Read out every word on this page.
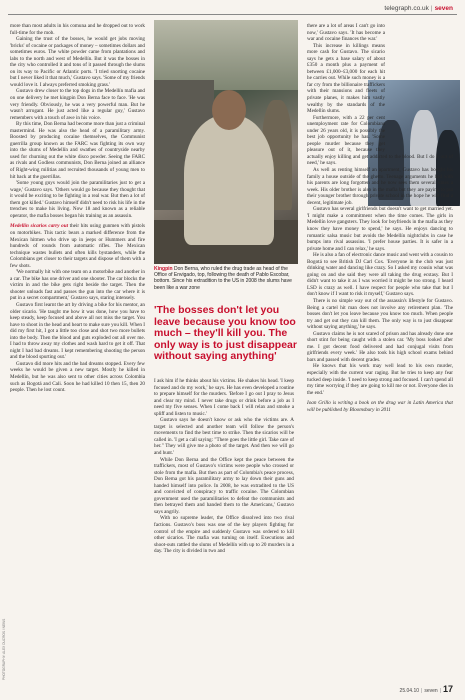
telegraph.co.uk | seven
PHOTOGRAPHY: ALEX DUCROS / NEWS

more than most adults in his comuna and he dropped out to work full-time for the mob.

Gaining the trust of the bosses, he would get jobs moving 'bricks' of cocaine or packages of money – sometimes dollars and sometimes euros. The white powder came from plantations and labs to the north and west of Medellín. But it was the bosses in the city who controlled it and tons of it passed through the slums on its way to Pacific or Atlantic ports. 'I tried snorting cocaine but I never liked it that much,' Gustavo says. 'Some of my friends would love it. I always preferred smoking grass.'

Gustavo drew closer to the top dogs in the Medellín mafia and on one delivery he met kingpin Don Berna face to face. 'He was very friendly. Obviously, he was a very powerful man. But he wasn't arrogant. He just acted like a regular guy,' Gustavo remembers with a touch of awe in his voice.

By this time, Don Berna had become more than just a criminal mastermind. He was also the head of a paramilitary army. Boosted by producing cocaine themselves, the Communist guerrilla group known as the FARC was fighting its own way into the slums of Medellín and swathes of countryside nearby used for churning out the white disco powder. Seeing the FARC as rivals and Godless communists, Don Berna joined an alliance of Right-wing militias and recruited thousands of young men to hit back at the guerrillas.

'Some young guys would join the paramilitaries just to get a wage,' Gustavo says. 'Others would go because they thought that it would be exciting to be fighting in a real war. But then a lot of them got killed.' Gustavo himself didn't need to risk his life in the trenches to make his living. Now 18 and known as a reliable operator, the mafia bosses began his training as an assassin.

Medellín sicarios carry out their hits using gunmen with pistols on motorbikes. This tactic bears a marked difference from the Mexican hitmen who drive up in jeeps or Hummers and fire hundreds of rounds from automatic rifles. The Mexican technique wastes bullets and often kills bystanders, while the Colombians get closer to their targets and dispose of them with a few shots.

'We normally hit with one team on a motorbike and another in a car. The bike has one driver and one shooter. The car blocks the victim in and the bike gets right beside the target. Then the shooter unloads fast and passes the gun into the car where it is put in a secret compartment,' Gustavo says, staring intensely.

Gustavo first learnt the art by driving a bike for his mentor, an older sicario. 'He taught me how it was done, how you have to keep steady, keep focused and above all not miss the target. You have to shoot in the head and heart to make sure you kill. When I did my first hit, I got a little too close and shot two more bullets into the body. Then the blood and guts exploded out all over me. I had to throw away my clothes and wash hard to get it off. That night I had bad dreams. I kept remembering shooting the person and the blood spurting out.'

Gustavo did more hits and the bad dreams stopped. Every few weeks he would be given a new target. Mostly he killed in Medellín, but he was also sent to other cities across Colombia such as Bogotá and Cali. Soon he had killed 10 then 15, then 20 people. Then he lost count.

Kingpin Don Berna, who ruled the drug trade as head of the Office of Envigado, top, following the death of Pablo Escobar, bottom. Since his extradition to the US in 2008 the slums have been like a war zone
'The bosses don't let you leave because you know too much – they'll kill you. The only way is to just disappear without saying anything'

I ask him if he thinks about his victims. He shakes his head. 'I keep focused and do my work,' he says. He has even developed a routine to prepare himself for the murders. 'Before I go out I pray to Jesus and clear my mind. I never take drugs or drink before a job as I need my five senses. When I come back I will relax and smoke a spliff and listen to music.'

Gustavo says he doesn't know or ask who the victims are. A target is selected and another team will follow the person's movements to find the best time to strike. Then the sicarios will be called in. 'I get a call saying: "There goes the little girl. Take care of her." They will give me a photo of the target. And then we will go and hunt.'

While Don Berna and the Office kept the peace between the traffickers, most of Gustavo's victims were people who crossed or stole from the mafia. But then as part of Colombia's peace process, Don Berna got his paramilitary army to lay down their guns and handed himself into police. In 2008, he was extradited to the US and convicted of conspiracy to traffic cocaine. The Colombian government used the paramilitaries to defeat the communists and then betrayed them and handed them to the Americans,' Gustavo says angrily.

With no supreme leader, the Office dissolved into two rival factions. Gustavo's boss was one of the key players fighting for control of the empire and suddenly Gustavo was ordered to kill other sicarios. The mafia was turning on itself. Executions and shoot-outs rattled the slums of Medellín with up to 20 murders in a day. The city is divided in two and

there are a lot of areas I can't go into now,' Gustavo says. 'It has become a war and cocaine finances the war.'

This increase in killings means more cash for Gustavo. The sicario says he gets a base salary of about £350 a month plus a payment of between £1,000–£3,000 for each hit he carries out. While such money is a far cry from the billionaire traffickers with their mansions and fleets of private planes, it makes him vastly wealthy by the standards of the Medellín slums.

Furthermore, with a 22 per cent unemployment rate for Colombians under 26 years old, it is possibly the best job opportunity he has. 'Some people murder because they get pleasure out of it, because they actually enjoy killing and get addicted to the blood. But I do it out of need,' he says.

As well as renting himself an apartment, Gustavo has bought his family a house outside of the ghetto. Teenage arguments he had with his parents are long forgotten and he now sees them several times a week. His older brother is also in the mafia but they are paying to put their younger brother through private school in the hope he will find a decent, legitimate job.

Gustavo has several girlfriends but doesn't want to get married yet. 'I might make a commitment when the time comes. The girls in Medellín love gangsters. They look for boyfriends in the mafia as they know they have money to spend,' he says. He enjoys dancing to romantic salsa music but avoids the Medellín nightclubs in case he bumps into rival assassins. 'I prefer house parties. It is safer in a private home and I can relax,' he says.

He is also a fan of electronic dance music and went with a cousin to Bogotá to see British DJ Carl Cox. 'Everyone in the club was just drinking water and dancing like crazy. So I asked my cousin what was going on and she said they were all taking the drug ecstasy. But I didn't want to take it as I was worried it might be too strong. I heard LSD is crazy as well. I have respect for people who take that but I don't know if I want to risk it myself,' Gustavo says.

There is no simple way out of the assassin's lifestyle for Gustavo. Being a cartel hit man does not involve any retirement plan. 'The bosses don't let you leave because you know too much. When people try and get out they can kill them. The only way is to just disappear without saying anything,' he says.

Gustavo claims he is not scared of prison and has already done one short stint for being caught with a stolen car. 'My boss looked after me. I got decent food delivered and had conjugal visits from girlfriends every week.' He also took his high school exams behind bars and passed with decent grades.

He knows that his work may well lead to his own murder, especially with the current war raging. But he tries to keep any fear tucked deep inside. 'I need to keep strong and focused. I can't spend all my time worrying if they are going to kill me or not. Everyone dies in the end.'

Ioan Grillo is writing a book on the drug war in Latin America that will be published by Bloomsbury in 2011

25.04.10 | seven | 17
